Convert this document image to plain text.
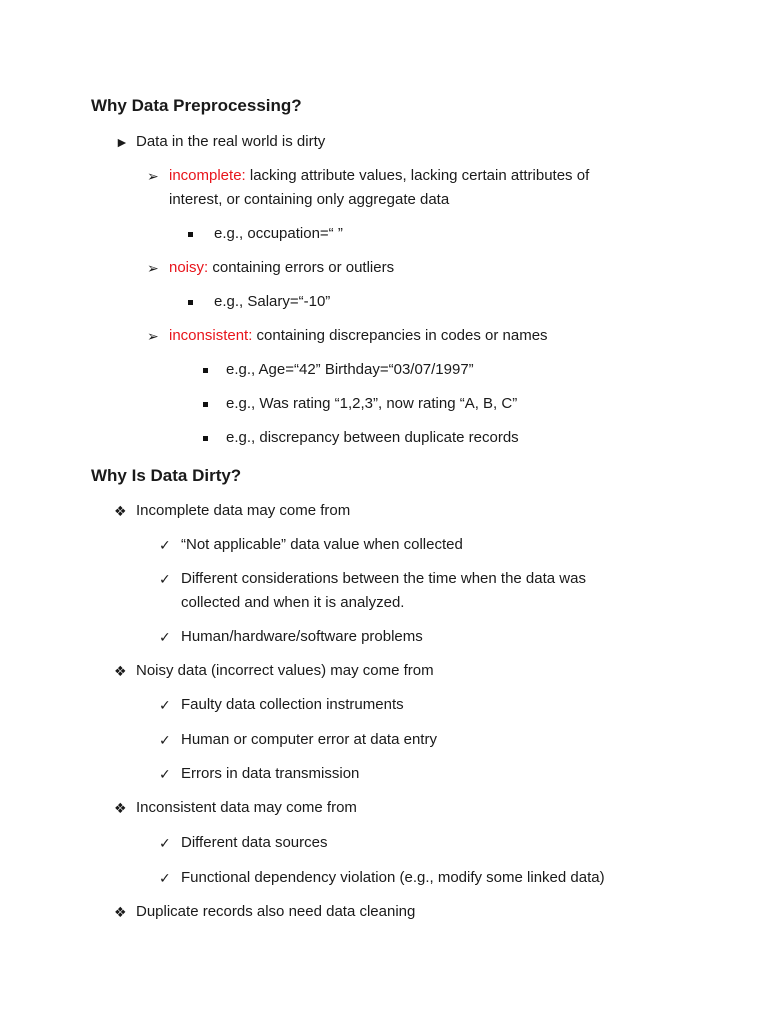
Why Data Preprocessing?
► Data in the real world is dirty
➢ incomplete: lacking attribute values, lacking certain attributes of interest, or containing only aggregate data
e.g., occupation=“ ”
➢ noisy: containing errors or outliers
e.g., Salary=“-10”
➢ inconsistent: containing discrepancies in codes or names
e.g., Age=“42” Birthday=“03/07/1997”
e.g., Was rating “1,2,3”, now rating “A, B, C”
e.g., discrepancy between duplicate records
Why Is Data Dirty?
❖ Incomplete data may come from
✓ “Not applicable” data value when collected
✓ Different considerations between the time when the data was collected and when it is analyzed.
✓ Human/hardware/software problems
❖ Noisy data (incorrect values) may come from
✓ Faulty data collection instruments
✓ Human or computer error at data entry
✓ Errors in data transmission
❖ Inconsistent data may come from
✓ Different data sources
✓ Functional dependency violation (e.g., modify some linked data)
❖ Duplicate records also need data cleaning
